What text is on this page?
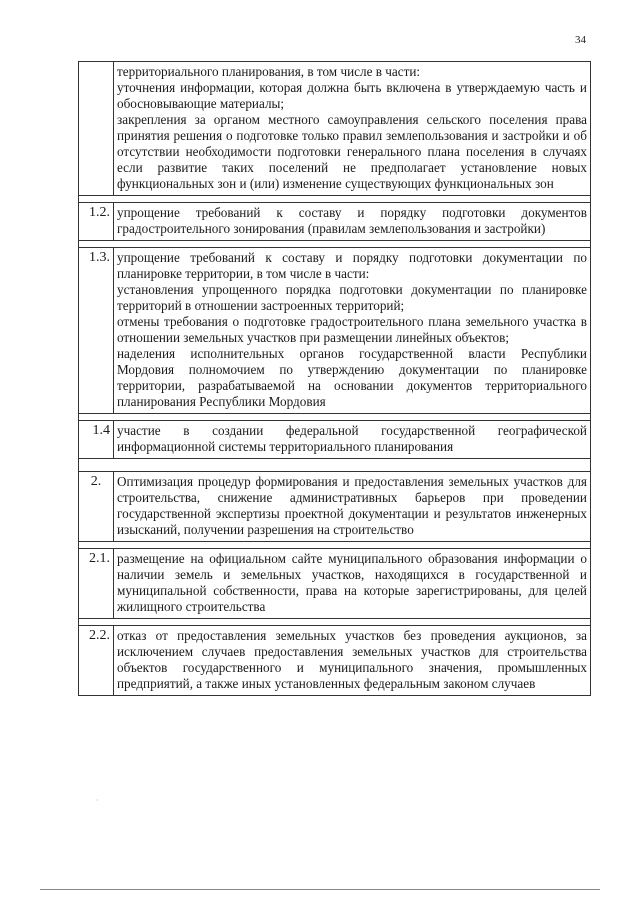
34

	территориального планирования, в том числе в части:

уточнения информации, которая должна быть включена в утверждаемую часть и обосновывающие материалы;

закрепления за органом местного самоуправления сельского поселения права принятия решения о подготовке только правил землепользования и застройки и об отсутствии необходимости подготовки генерального плана поселения в случаях если развитие таких поселений не предполагает установление новых функциональных зон и (или) изменение существующих функциональных зон

1.2.	упрощение требований к составу и порядку подготовки документов градостроительного зонирования (правилам землепользования и застройки)

1.3.	упрощение требований к составу и порядку подготовки документации по планировке территории, в том числе в части:

установления упрощенного порядка подготовки документации по планировке территорий в отношении застроенных территорий;

отмены требования о подготовке градостроительного плана земельного участка в отношении земельных участков при размещении линейных объектов;

наделения исполнительных органов государственной власти Республики Мордовия полномочием по утверждению документации по планировке территории, разрабатываемой на основании документов территориального планирования Республики Мордовия

1.4	участие в создании федеральной государственной географической информационной системы территориального планирования

2.	Оптимизация процедур формирования и предоставления земельных участков для строительства, снижение административных барьеров при проведении государственной экспертизы проектной документации и результатов инженерных изысканий, получении разрешения на строительство

2.1.	размещение на официальном сайте муниципального образования информации о наличии земель и земельных участков, находящихся в государственной и муниципальной собственности, права на которые зарегистрированы, для целей жилищного строительства

2.2.	отказ от предоставления земельных участков без проведения аукционов, за исключением случаев предоставления земельных участков для строительства объектов государственного и муниципального значения, промышленных предприятий, а также иных установленных федеральным законом случаев

·
